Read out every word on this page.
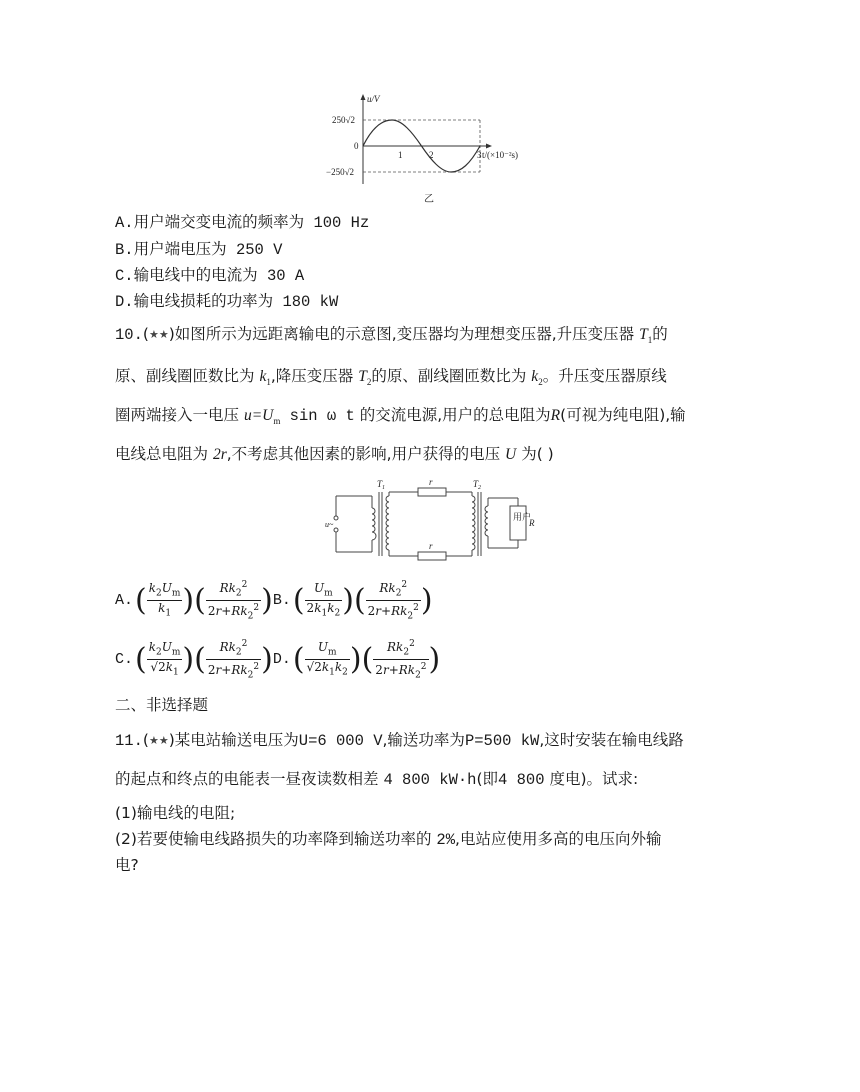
u/V
250√2
0
−250√2
1	2	3 t/(×10⁻²s)
乙
A.用户端交变电流的频率为 100 Hz
B.用户端电压为 250 V
C.输电线中的电流为 30 A
D.输电线损耗的功率为 180 kW
10.(★★)如图所示为远距离输电的示意图,变压器均为理想变压器,升压变压器 $T_1$的
原、副线圈匝数比为 $k_1$,降压变压器 $T_2$的原、副线圈匝数比为 $k_2$。升压变压器原线
圈两端接入一电压 $u=U_m$ sin ω t 的交流电源,用户的总电阻为R(可视为纯电阻),输
电线总电阻为 2r,不考虑其他因素的影响,用户获得的电压 U 为( )
$T_1$	$T_2$
r
r
u~
用户
R
A. ( $\frac{k_2U_m}{k_1}$ ) ( $\frac{Rk_2^2}{2r+Rk_2^2}$ ) B. ( $\frac{U_m}{2k_1k_2}$ ) ( $\frac{Rk_2^2}{2r+Rk_2^2}$ )
C. ( $\frac{k_2U_m}{√2k_1}$ ) ( $\frac{Rk_2^2}{2r+Rk_2^2}$ ) D. ( $\frac{U_m}{√2k_1k_2}$ ) ( $\frac{Rk_2^2}{2r+Rk_2^2}$ )
二、非选择题
11.(★★)某电站输送电压为U=6 000 V,输送功率为P=500 kW,这时安装在输电线路
的起点和终点的电能表一昼夜读数相差 4 800 kW·h(即4 800 度电)。试求:
(1)输电线的电阻;
(2)若要使输电线路损失的功率降到输送功率的 2%,电站应使用多高的电压向外输
电?
